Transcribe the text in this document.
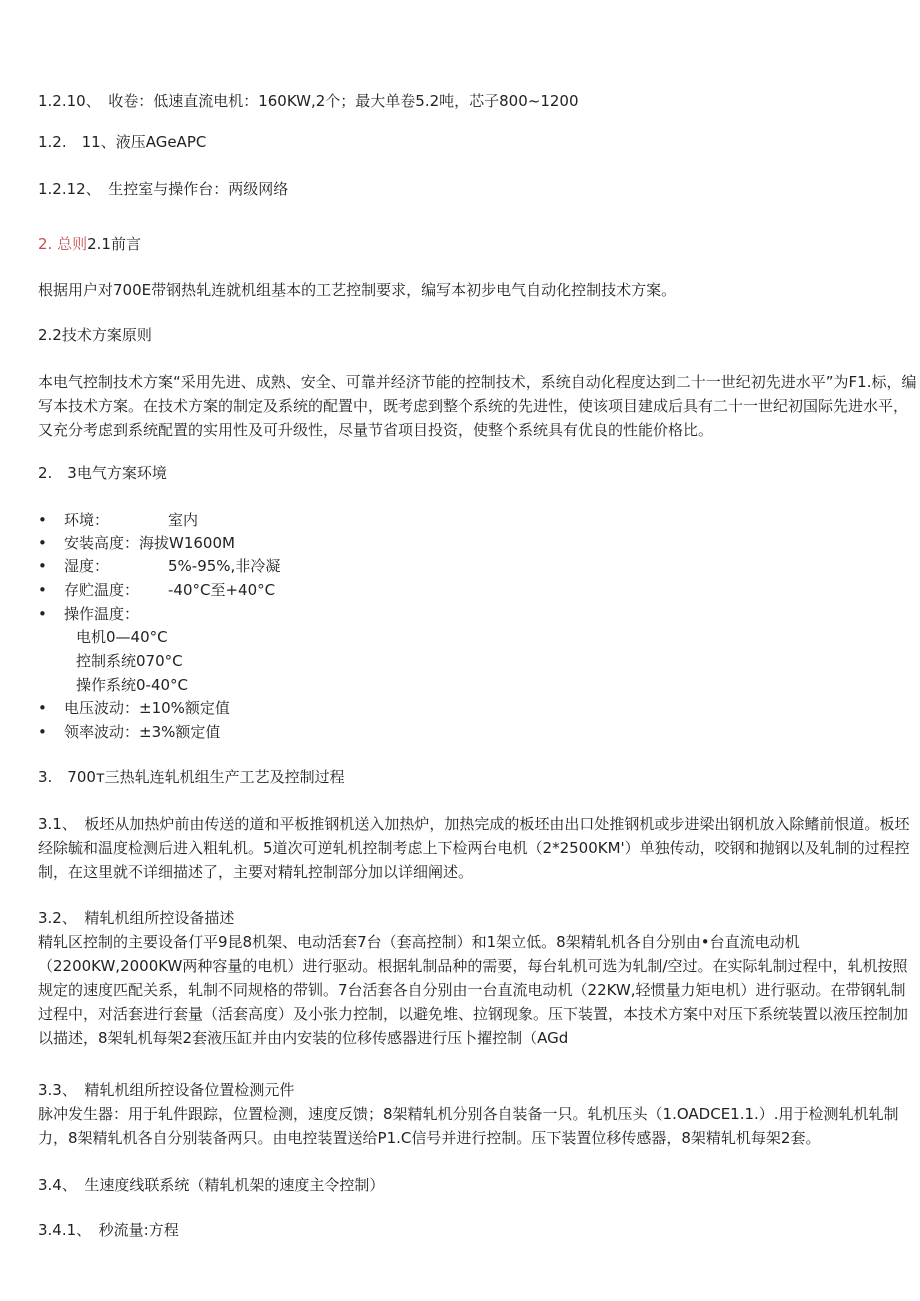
1.2.10、　收卷：低速直流电机：160KW,2个；最大单卷5.2吨，芯子800~1200
1.2.　11、液压AGeAPC
1.2.12、　生控室与操作台：两级网络
2. 总则2.1前言
根据用户对700E带钢热轧连就机组基本的工艺控制要求，编写本初步电气自动化控制技术方案。
2.2技术方案原则
本电气控制技术方案“采用先进、成熟、安全、可靠并经济节能的控制技术，系统自动化程度达到二十一世纪初先进水平”为F1.标，编写本技术方案。在技术方案的制定及系统的配置中，既考虑到整个系统的先进性，使该项目建成后具有二十一世纪初国际先进水平，又充分考虑到系统配置的实用性及可升级性，尽量节省项目投资，使整个系统具有优良的性能价格比。
2.　3电气方案环境
• 环境：	室内
• 安装高度：海拔W1600M
• 湿度：	5%-95%,非冷凝
• 存贮温度： -40°C至+40°C
• 操作温度：
电机0—40°C
控制系统070°C
操作系统0-40°C
• 电压波动：±10%额定值
• 领率波动：±3%额定值
3.　700т三热轧连轧机组生产工艺及控制过程
3.1、　板坯从加热炉前由传送的道和平板推钢机送入加热炉，加热完成的板坯由出口处推钢机或步进梁出钢机放入除鳍前恨道。板坯经除毓和温度检测后进入粗轧机。5道次可逆轧机控制考虑上下检两台电机（2*2500KM'）单独传动，咬钢和抛钢以及轧制的过程控制，在这里就不详细描述了，主要对精轧控制部分加以详细阐述。
3.2、　精轧机组所控设备描述
精轧区控制的主要设备仃平9昆8机架、电动活套7台（套高控制）和1架立低。8架精轧机各自分别由•台直流电动机（2200KW,2000KW两种容量的电机）进行驱动。根据轧制品种的需要，每台轧机可选为轧制/空过。在实际轧制过程中，轧机按照规定的速度匹配关系，轧制不同规格的带钏。7台活套各自分别由一台直流电动机（22KW,轻惯量力矩电机）进行驱动。在带钢轧制过程中，对活套进行套量（活套高度）及小张力控制，以避免堆、拉钢现象。压下装置，本技术方案中对压下系统装置以液压控制加以描述，8架轧机每架2套液压缸并由内安装的位移传感器进行压卜擢控制（AGd
3.3、　精轧机组所控设备位置检测元件
脉冲发生器：用于轧件跟踪，位置检测，速度反馈；8架精轧机分别各自装备一只。轧机压头（1.OADCE1.1.）.用于检测轧机轧制力，8架精轧机各自分别装备两只。由电控装置送给P1.C信号并进行控制。压下装置位移传感器，8架精轧机每架2套。
3.4、　生速度线联系统（精轧机架的速度主令控制）
3.4.1、　秒流量:方程
